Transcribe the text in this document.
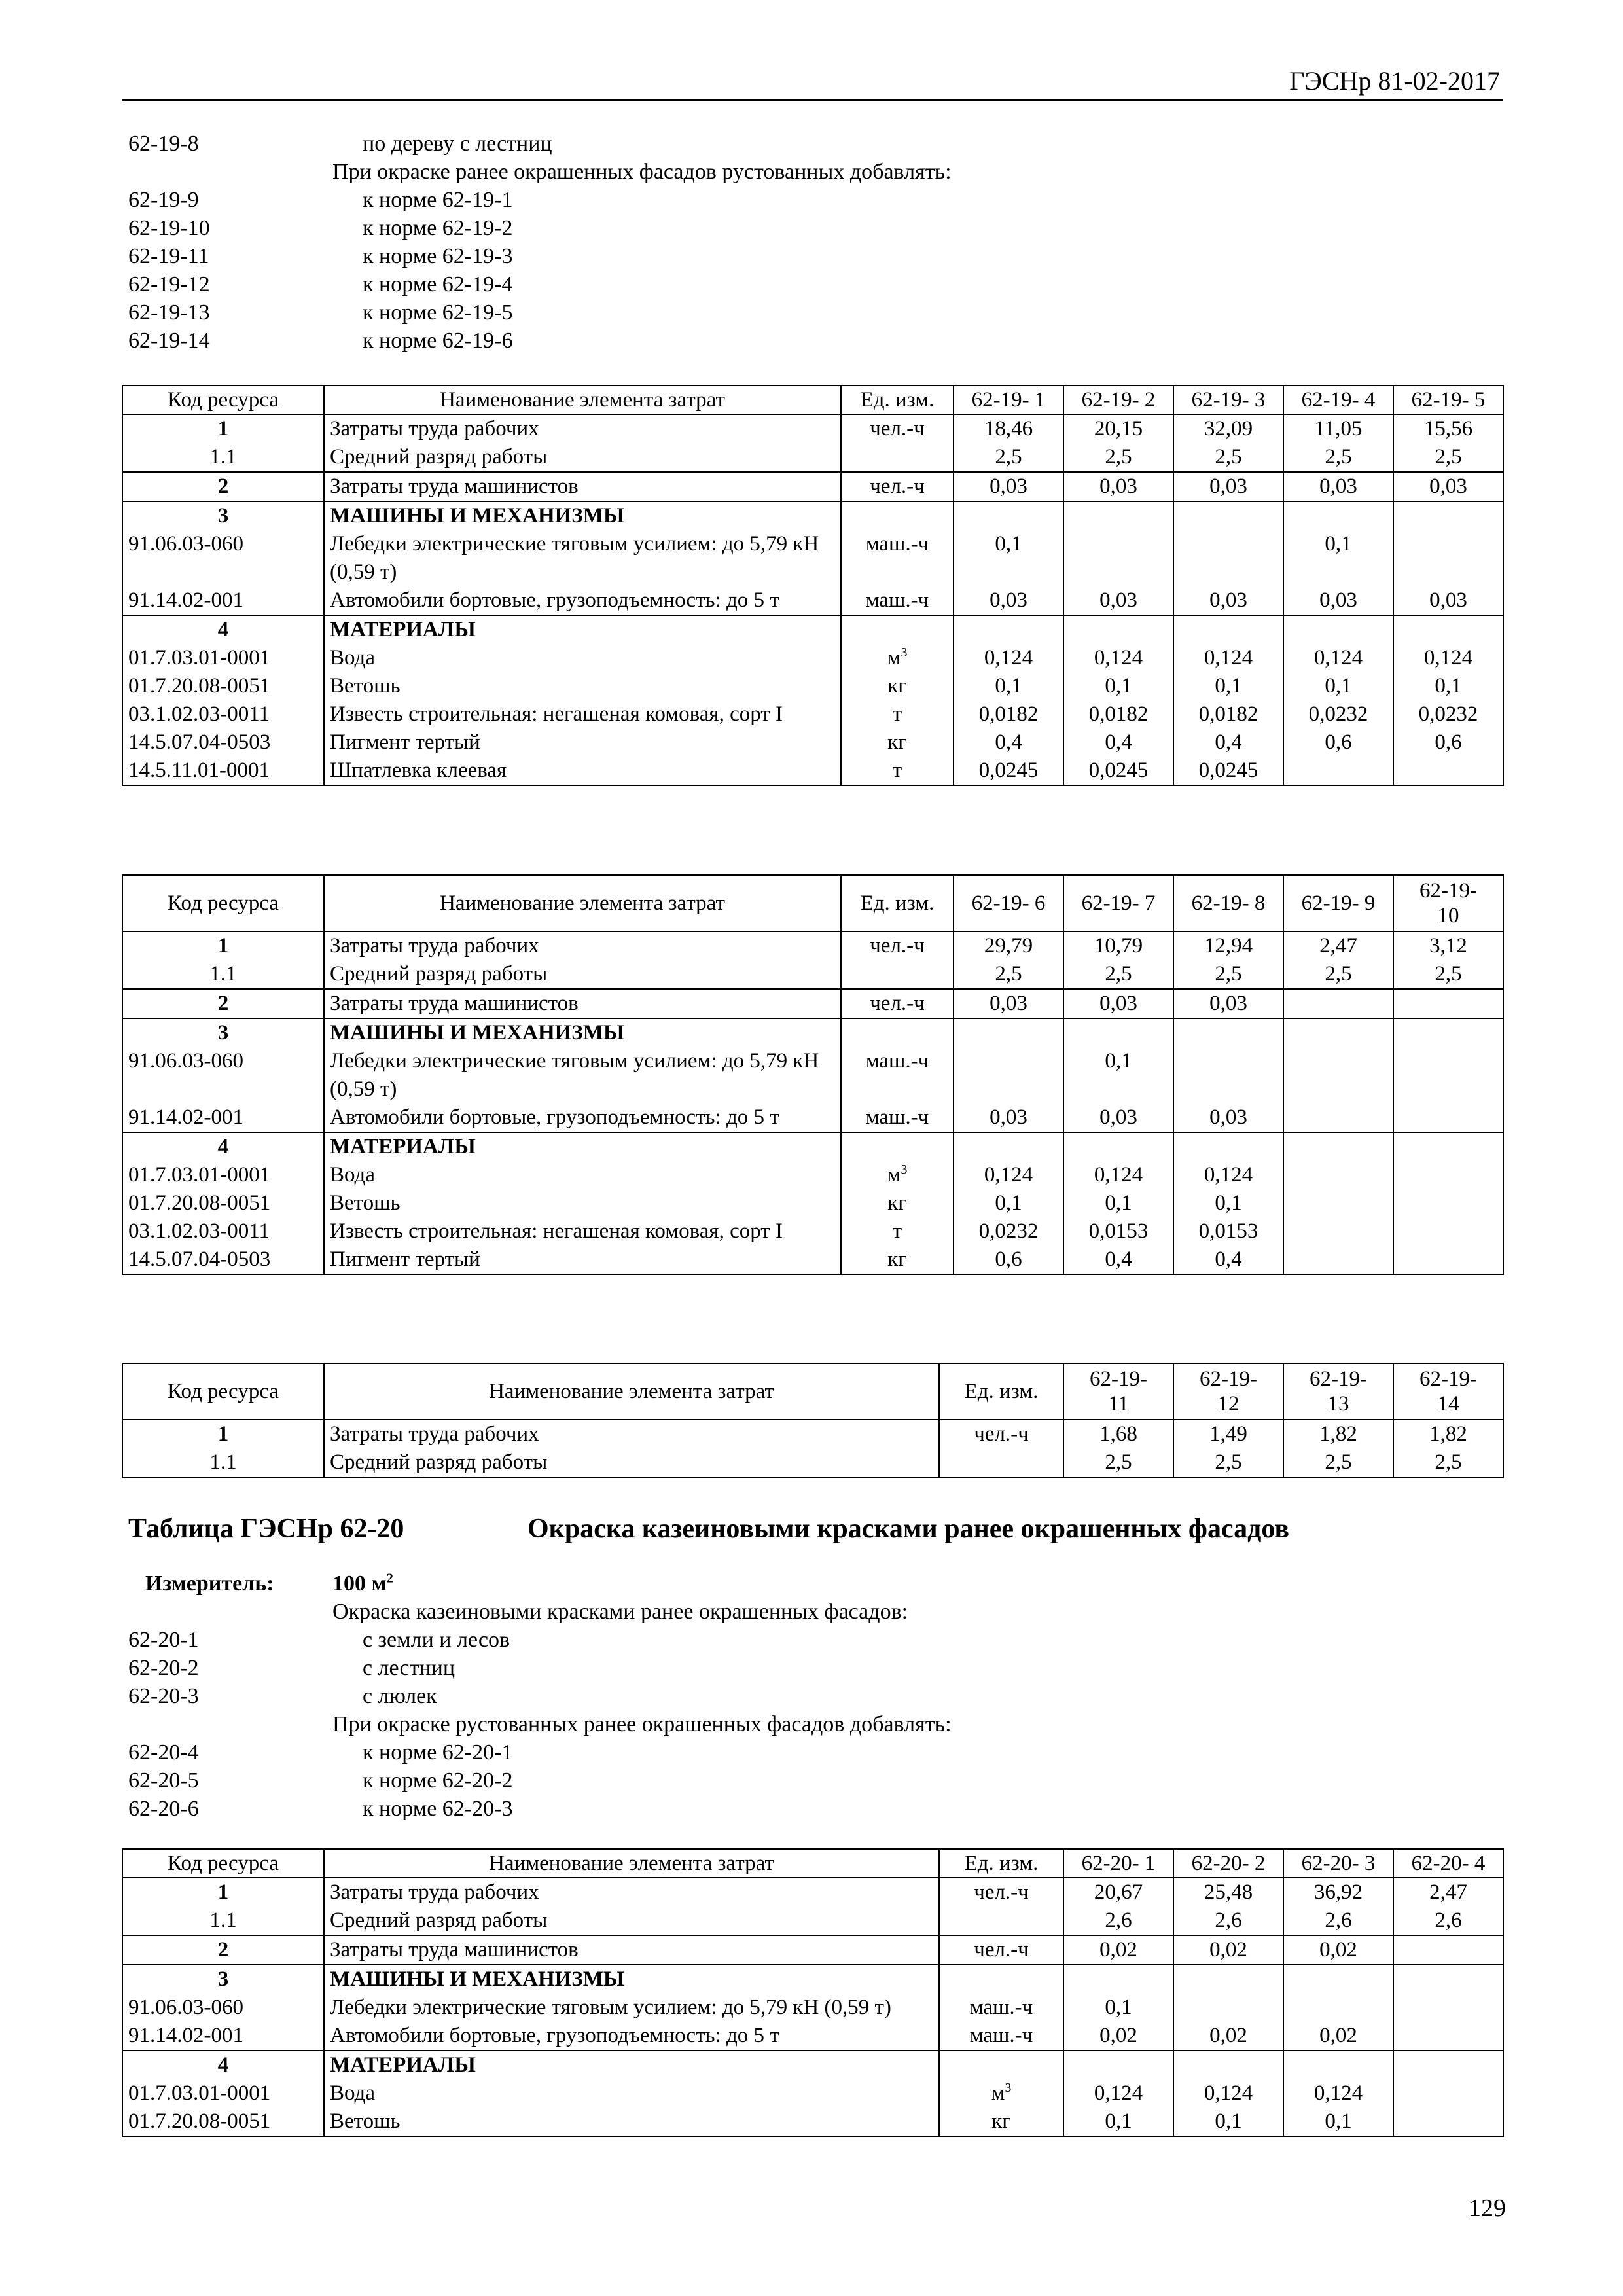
ГЭСНр 81-02-2017
62-19-8	по дереву с лестниц
При окраске ранее окрашенных фасадов рустованных добавлять:
62-19-9	к норме 62-19-1
62-19-10	к норме 62-19-2
62-19-11	к норме 62-19-3
62-19-12	к норме 62-19-4
62-19-13	к норме 62-19-5
62-19-14	к норме 62-19-6
Код ресурса	Наименование элемента затрат	Ед. изм.	62-19- 1	62-19- 2	62-19- 3	62-19- 4	62-19- 5
1	Затраты труда рабочих	чел.-ч	18,46	20,15	32,09	11,05	15,56
1.1	Средний разряд работы		2,5	2,5	2,5	2,5	2,5
2	Затраты труда машинистов	чел.-ч	0,03	0,03	0,03	0,03	0,03
3	МАШИНЫ И МЕХАНИЗМЫ						
91.06.03-060	Лебедки электрические тяговым усилием: до 5,79 кН (0,59 т)	маш.-ч	0,1			0,1	
91.14.02-001	Автомобили бортовые, грузоподъемность: до 5 т	маш.-ч	0,03	0,03	0,03	0,03	0,03
4	МАТЕРИАЛЫ						
01.7.03.01-0001	Вода	$м^3$	0,124	0,124	0,124	0,124	0,124
01.7.20.08-0051	Ветошь	кг	0,1	0,1	0,1	0,1	0,1
03.1.02.03-0011	Известь строительная: негашеная комовая, сорт I	т	0,0182	0,0182	0,0182	0,0232	0,0232
14.5.07.04-0503	Пигмент тертый	кг	0,4	0,4	0,4	0,6	0,6
14.5.11.01-0001	Шпатлевка клеевая	т	0,0245	0,0245	0,0245		
Код ресурса	Наименование элемента затрат	Ед. изм.	62-19- 6	62-19- 7	62-19- 8	62-19- 9	62-19- 10
1	Затраты труда рабочих	чел.-ч	29,79	10,79	12,94	2,47	3,12
1.1	Средний разряд работы		2,5	2,5	2,5	2,5	2,5
2	Затраты труда машинистов	чел.-ч	0,03	0,03	0,03		
3	МАШИНЫ И МЕХАНИЗМЫ						
91.06.03-060	Лебедки электрические тяговым усилием: до 5,79 кН (0,59 т)	маш.-ч		0,1			
91.14.02-001	Автомобили бортовые, грузоподъемность: до 5 т	маш.-ч	0,03	0,03	0,03		
4	МАТЕРИАЛЫ						
01.7.03.01-0001	Вода	$м^3$	0,124	0,124	0,124		
01.7.20.08-0051	Ветошь	кг	0,1	0,1	0,1		
03.1.02.03-0011	Известь строительная: негашеная комовая, сорт I	т	0,0232	0,0153	0,0153		
14.5.07.04-0503	Пигмент тертый	кг	0,6	0,4	0,4		
Код ресурса	Наименование элемента затрат	Ед. изм.	62-19- 11	62-19- 12	62-19- 13	62-19- 14
1	Затраты труда рабочих	чел.-ч	1,68	1,49	1,82	1,82
1.1	Средний разряд работы		2,5	2,5	2,5	2,5
Таблица ГЭСНр 62-20	Окраска казеиновыми красками ранее окрашенных фасадов
Измеритель:	100 $м^2$
Окраска казеиновыми красками ранее окрашенных фасадов:
62-20-1	с земли и лесов
62-20-2	с лестниц
62-20-3	с люлек
При окраске рустованных ранее окрашенных фасадов добавлять:
62-20-4	к норме 62-20-1
62-20-5	к норме 62-20-2
62-20-6	к норме 62-20-3
Код ресурса	Наименование элемента затрат	Ед. изм.	62-20- 1	62-20- 2	62-20- 3	62-20- 4
1	Затраты труда рабочих	чел.-ч	20,67	25,48	36,92	2,47
1.1	Средний разряд работы		2,6	2,6	2,6	2,6
2	Затраты труда машинистов	чел.-ч	0,02	0,02	0,02	
3	МАШИНЫ И МЕХАНИЗМЫ					
91.06.03-060	Лебедки электрические тяговым усилием: до 5,79 кН (0,59 т)	маш.-ч	0,1			
91.14.02-001	Автомобили бортовые, грузоподъемность: до 5 т	маш.-ч	0,02	0,02	0,02	
4	МАТЕРИАЛЫ					
01.7.03.01-0001	Вода	$м^3$	0,124	0,124	0,124	
01.7.20.08-0051	Ветошь	кг	0,1	0,1	0,1	
129
